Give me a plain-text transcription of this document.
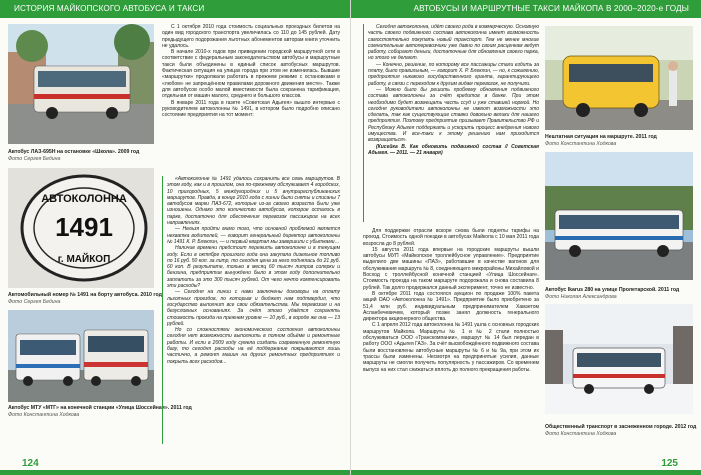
ИСТОРИЯ МАЙКОПСКОГО АВТОБУСА И ТАКСИ
Автобус ЛАЗ-695Н на остановке «Школа». 2009 год
Фото Сергея Бедина
АВТОКОЛОННА
1491
г. МАЙКОП
Автомобильный номер № 1491 на борту автобуса. 2010 год
Фото Сергея Бедина
Автобус МТУ «МТГ» на конечной станции «Улица Шоссейная». 2011 год
Фото Константина Ходкова

С 1 октября 2010 года стоимость социальных проездных билетов на один вид городского транспорта увеличилась со 110 до 145 рублей. Дату предыдущего подорожания льготных абонементов авторам книги уточнить не удалось.

В начале 2010-х годов при приведении городской маршрутной сети в соответствие с федеральным законодательством автобусы и маршрутные такси были объединены в единый список автобусных маршрутов. Фактическая ситуация на улицах города при этом не изменилась. Бывшие «маршрутки» продолжали работать в прежнем режиме с остановками в «любом» не запрещённом правилами дорожного движения месте». Также для автобусов особо малой вместимости была сохранена тарификация, отдельная от машин малого, среднего и большого классов.

В январе 2011 года в газете «Советская Адыгея» вышло интервью с руководителем автоколонны № 1491, в котором было подробно описано состояние предприятия на тот момент:

«Автоколонне № 1491 удалось сохранить все семь маршрутов. В этом году, как и в прошлом, она по-прежнему обслуживает 4 городских, 10 пригородных, 5 междугородних и 5 внутриреспубликанских маршрутов. Правда, в конце 2010 года с линии были сняты и списаны 7 автобусов марки ПАЗ-672, которые из-за своего возраста были уже изношены. Однако это количество автобусов, которое осталось в парке, достаточно для обеспечения перевозок пассажиров на всех направлениях.

— Нельзя пройти мимо того, что основной проблемой является нехватка водителей, — говорит генеральный директор автоколонны № 1491 К. Р. Блеклин, — и первый квартал мы завершили с убытками…

Наличие времени предстоит пережить автоколонне и в текущем году. Если в октябре прошлого года она закупала дизельное топливо по 16 руб. 50 коп. за литр, то сегодня цена за него поднялась до 21 руб. 60 коп. В результате, только в месяц 60 тысяч литров солярки и бензина, предприятие вынуждено было в этом году дополнительно заплатить за это 300 тысяч рублей. От чего нечто компенсировать эти расходы?

— Сегодня на линии с нами заключены договоры на оплату льготных проездов, по которым и бюджет нам подтвердил, что государство выполнит все свои обязательства. Мы перевозим и на безусловных основаниях. За счёт этого удаётся сохранять стоимость проезда на прежнем уровне — 10 руб., в городе же она — 13 рублей.

Но со сложностями экономического состояния автоколонны сегодня нет возможности выполнить в полном объёме и ремонтные работы. И если в 2009 году сумела создать современную ремонтную базу, то сегодня расходы на её поддержание покрываются лишь частично, а ремонт машин на других ремонтных предприятиях и покрыть всех расходов...

124
АВТОБУСЫ И МАРШРУТНЫЕ ТАКСИ МАЙКОПА В 2000–2020-е ГОДЫ

Сегодня автоколонна, идёт своего рода в коммерческую. Основную часть своего подвижного состава автоколонна имеет возможность самостоятельно покупать новый транспорт. Тем не менее многие сомнительные автоперевозчики уже давно по своим расценкам ведут работу, собирают деньги, достаточные для обновления своего парка, но этого не делают.

— Конечно, решение, по которому все пассажиры стали ездить за плату, было правильным, — говорит Х. Р. Блеклин, — но, к сожалению, предприятия никакого государственного гранта, гарантирующего работу, в связи с переходом к другим видам перевозок, не получили.

— Можно было бы решить проблему обновления подвижного состава автоколонны за счёт кредитов в банке. При этом необходимо будет возмещать часть ссуд и уже ставшей нормой. Но сегодня руководители автоколонны не имеют возможности это сделать, так как существующие ставки довольно велики для нашего предприятия. Поэтому предприятие призывает Правительство РФ и Республику Адыгея поддержать и ускорить процесс внедрения нового имущества. И все-таки к этому решению нам приходится возвращаться».

(Кисейка В. Как обновить подвижной состав // Советская Адыгея. — 2011. — 21 января)

Для поддержки отрасли вскоре снова были подняты тарифы на проезд. Стоимость одной поездки в автобусах Майкопа с 10 мая 2011 года возросла до 8 рублей.

15 августа 2011 года впервые на городские маршруты вышли автобусы МУП «Майкопское троллейбусное управление». Предприятие выделило две машины «ПАЗ», работавшие в качестве вагонов для обслуживания маршрута № 8, соединяющего микрорайоны Михайловой и Восход с троллейбусной конечной станцией «Улица Шоссейная». Стоимость проезда на таком маршруте подорожала и снова составила 8 рублей. Так долго продержался данный эксперимент, точно не известно.

В октябре 2011 года состоялся аукцион по продаже 100% пакета акций ОАО «Автоколонна № 1491». Предприятие было приобретено за 51,4 млн руб. индивидуальным предпринимателем Хамзетом Асланбечевичем, который позже занял должность генерального директора акционерного общества.

С 1 апреля 2012 года автоколонна № 1491 ушла с основных городских маршрутов Майкопа. Маршруты № 1 и № 2 стали полностью обслуживаться ООО «Транскомпании», маршрут № 14 был передан в работу ООО «Адыгея ГАЗ». За счёт высвобождённого подвижного состава были восстановлены автобусные маршруты № 6 и № 9а, при этом их трассы были изменены. Несмотря на предпринятые усилия, данные маршруты не смогли получить популярность у пассажиров. Со временем выпуск на них стал снижаться вплоть до полного прекращения работы.

Нештатная ситуация на маршруте. 2011 год
Фото Константина Ходкова
Автобус Ikarus 280 на улице Пролетарской. 2011 год
Фото Николая Александрова
Общественный транспорт в заснеженном городе. 2012 год
Фото Константина Ходкова
125
